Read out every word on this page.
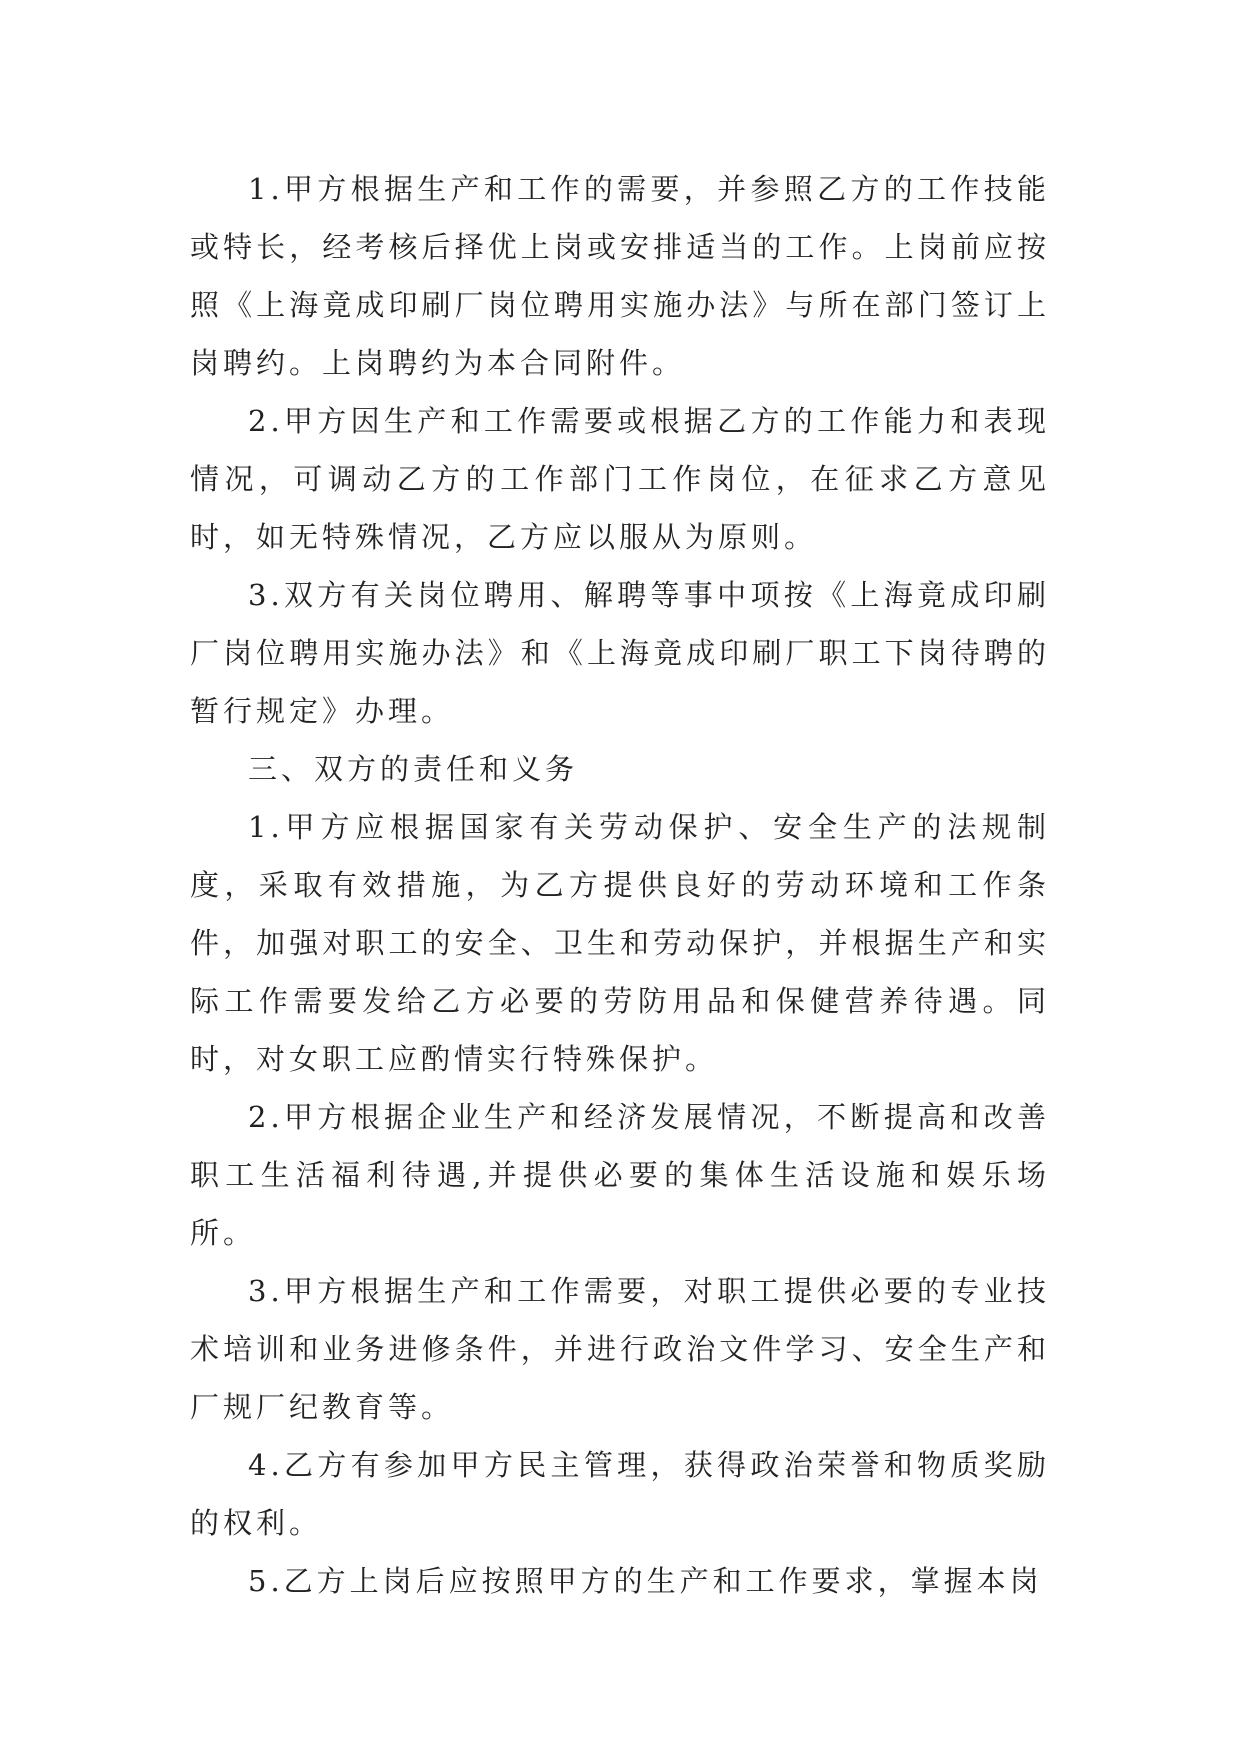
1.甲方根据生产和工作的需要，并参照乙方的工作技能或特长，经考核后择优上岗或安排适当的工作。上岗前应按照《上海竟成印刷厂岗位聘用实施办法》与所在部门签订上岗聘约。上岗聘约为本合同附件。

2.甲方因生产和工作需要或根据乙方的工作能力和表现情况，可调动乙方的工作部门工作岗位，在征求乙方意见时，如无特殊情况，乙方应以服从为原则。

3.双方有关岗位聘用、解聘等事中项按《上海竟成印刷厂岗位聘用实施办法》和《上海竟成印刷厂职工下岗待聘的暂行规定》办理。

三、双方的责任和义务

1.甲方应根据国家有关劳动保护、安全生产的法规制度，采取有效措施，为乙方提供良好的劳动环境和工作条件，加强对职工的安全、卫生和劳动保护，并根据生产和实际工作需要发给乙方必要的劳防用品和保健营养待遇。同时，对女职工应酌情实行特殊保护。

2.甲方根据企业生产和经济发展情况，不断提高和改善职工生活福利待遇,并提供必要的集体生活设施和娱乐场所。

3.甲方根据生产和工作需要，对职工提供必要的专业技术培训和业务进修条件，并进行政治文件学习、安全生产和厂规厂纪教育等。

4.乙方有参加甲方民主管理，获得政治荣誉和物质奖励的权利。

5.乙方上岗后应按照甲方的生产和工作要求，掌握本岗
